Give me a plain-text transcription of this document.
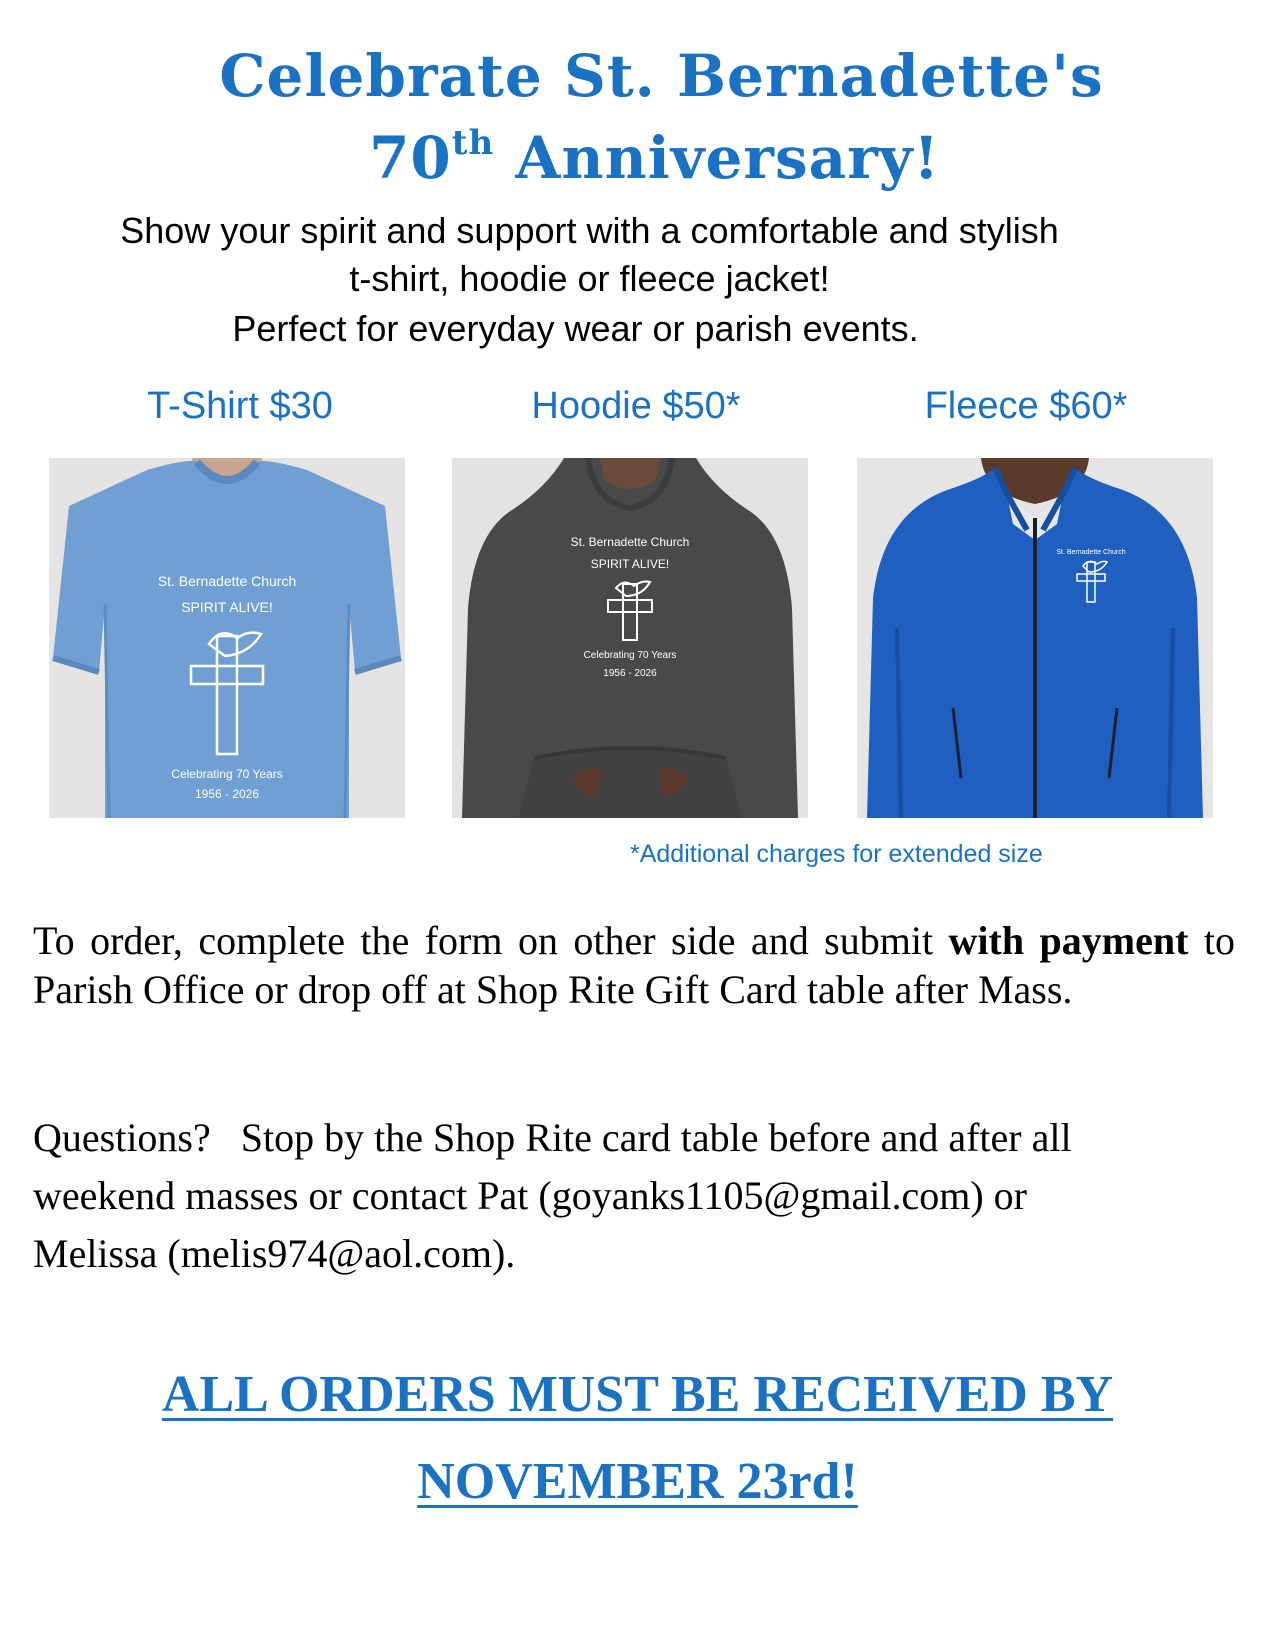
Celebrate St. Bernadette's
70th Anniversary!
Show your spirit and support with a comfortable and stylish
t-shirt, hoodie or fleece jacket!
Perfect for everyday wear or parish events.
T-Shirt $30	Hoodie $50*	Fleece $60*
St. Bernadette Church
SPIRIT ALIVE!
Celebrating 70 Years
1956 - 2026
St. Bernadette Church
SPIRIT ALIVE!
Celebrating 70 Years
1956 - 2026
St. Bernadette Church
*Additional charges for extended size
To order, complete the form on other side and submit with payment to Parish Office or drop off at Shop Rite Gift Card table after Mass.
Questions?   Stop by the Shop Rite card table before and after all
weekend masses or contact Pat (goyanks1105@gmail.com) or
Melissa (melis974@aol.com).
ALL ORDERS MUST BE RECEIVED BY
NOVEMBER 23rd!
